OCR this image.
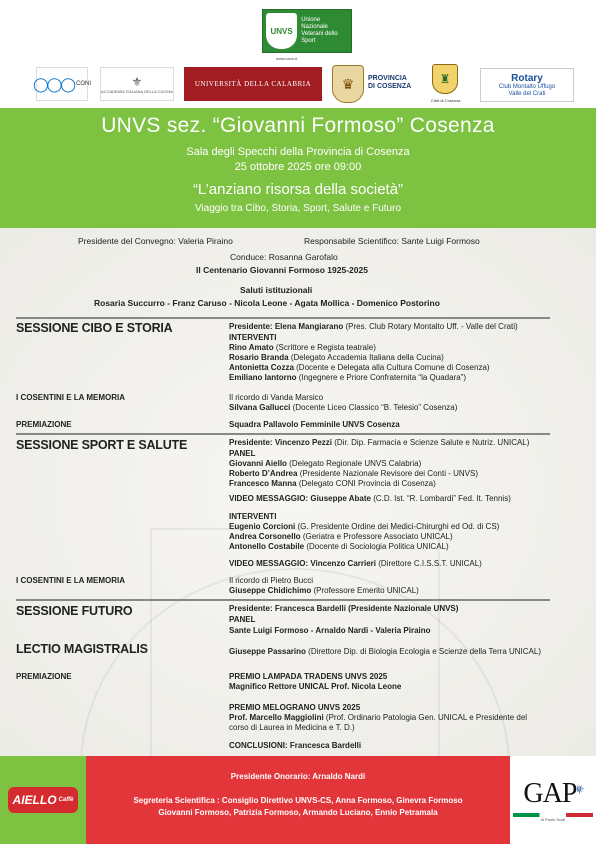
UNVS
Unione Nazionale Veterani dello Sport
www.unvs.it
◯◯◯ CONI	⚜
ACCADEMIA ITALIANA DELLA CUCINA
UNIVERSITÀ DELLA CALABRIA	♛	PROVINCIA
DI COSENZA
♜
Città di Cosenza
Rotary
Club Montalto Uffugo
Valle del Crati
UNVS sez. “Giovanni Formoso” Cosenza
Sala degli Specchi della Provincia di Cosenza
25 ottobre 2025 ore 09:00
“L’anziano risorsa della società”
Viaggio tra Cibo, Storia, Sport, Salute e Futuro
Presidente del Convegno: Valeria Piraino	Responsabile Scientifico: Sante Luigi Formoso
Conduce: Rosanna Garofalo
Il Centenario Giovanni Formoso 1925-2025
Saluti istituzionali
Rosaria Succurro - Franz Caruso - Nicola Leone - Agata Mollica - Domenico Postorino
SESSIONE CIBO E STORIA	Presidente: Elena Mangiarano (Pres. Club Rotary Montalto Uff. - Valle del Crati)
INTERVENTI
Rino Amato (Scrittore e Regista teatrale)
Rosario Branda (Delegato Accademia Italiana della Cucina)
Antonietta Cozza (Docente e Delegata alla Cultura Comune di Cosenza)
Emiliano Iantorno (Ingegnere e Priore Confraternita “la Quadara”)
I COSENTINI E LA MEMORIA	Il ricordo di Vanda Marsico
Silvana Gallucci (Docente Liceo Classico “B. Telesio” Cosenza)
PREMIAZIONE	Squadra Pallavolo Femminile UNVS Cosenza
SESSIONE SPORT E SALUTE	Presidente: Vincenzo Pezzi (Dir. Dip. Farmacia e Scienze Salute e Nutriz. UNICAL)
PANEL
Giovanni Aiello (Delegato Regionale UNVS Calabria)
Roberto D’Andrea (Presidente Nazionale Revisore dei Conti - UNVS)
Francesco Manna (Delegato CONI Provincia di Cosenza)
VIDEO MESSAGGIO: Giuseppe Abate (C.D. Ist. “R. Lombardi” Fed. It. Tennis)
INTERVENTI
Eugenio Corcioni (G. Presidente Ordine dei Medici-Chirurghi ed Od. di CS)
Andrea Corsonello (Geriatra e Professore Associato UNICAL)
Antonello Costabile (Docente di Sociologia Politica UNICAL)
VIDEO MESSAGGIO: Vincenzo Carrieri (Direttore C.I.S.S.T. UNICAL)
I COSENTINI E LA MEMORIA	Il ricordo di Pietro Bucci
Giuseppe Chidichimo (Professore Emerito UNICAL)
SESSIONE FUTURO	Presidente: Francesca Bardelli (Presidente Nazionale UNVS)
PANEL
Sante Luigi Formoso - Arnaldo Nardi - Valeria Piraino
LECTIO MAGISTRALIS	Giuseppe Passarino (Direttore Dip. di Biologia Ecologia e Scienze della Terra UNICAL)
PREMIAZIONE	PREMIO LAMPADA TRADENS UNVS 2025
Magnifico Rettore UNICAL Prof. Nicola Leone
PREMIO MELOGRANO UNVS 2025
Prof. Marcello Maggiolini (Prof. Ordinario Patologia Gen. UNICAL e Presidente del
corso di Laurea in Medicina e T. D.)
CONCLUSIONI: Francesca Bardelli
AIELLO Caffè	$GAP^{life}$
di Paolo Scoti
Presidente Onorario: Arnaldo Nardi
Segreteria Scientifica : Consiglio Direttivo UNVS-CS, Anna Formoso, Ginevra Formoso
Giovanni Formoso, Patrizia Formoso, Armando Luciano, Ennio Petramala
